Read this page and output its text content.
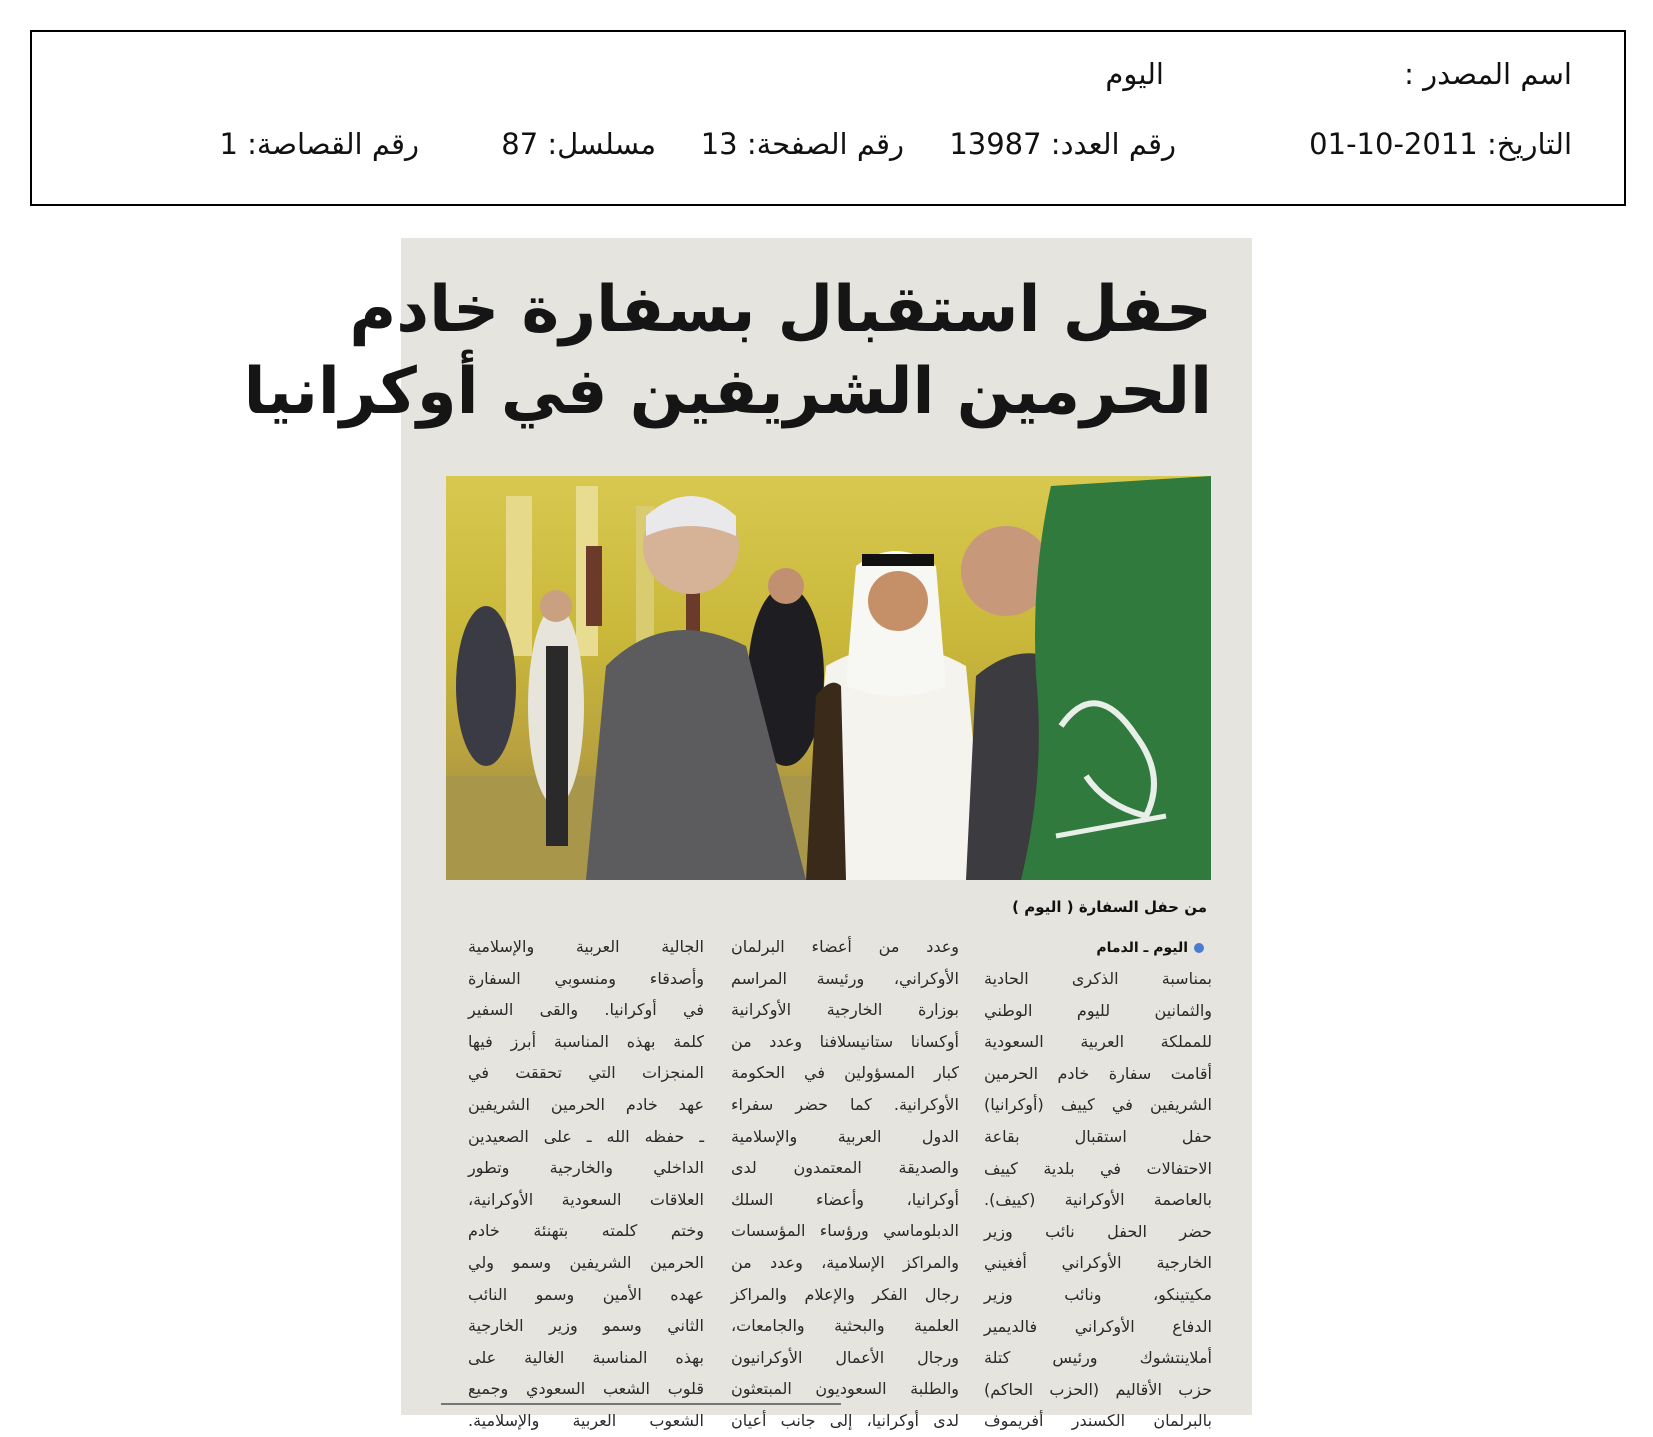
اسم المصدر :
اليوم
التاريخ: 2011-10-01
رقم العدد: 13987
رقم الصفحة: 13
مسلسل: 87
رقم القصاصة: 1
حفل استقبال بسفارة خادم
الحرمين الشريفين في أوكرانيا
من حفل السفارة ( اليوم )
اليوم ـ الدمام
بمناسبة الذكرى الحادية
والثمانين لليوم الوطني
للمملكة العربية السعودية
أقامت سفارة خادم الحرمين
الشريفين في كييف (أوكرانيا)
حفل استقبال بقاعة
الاحتفالات في بلدية كييف
بالعاصمة الأوكرانية (كييف).
حضر الحفل نائب وزير
الخارجية الأوكراني أفغيني
مكيتينكو، ونائب وزير
الدفاع الأوكراني فالديمير
أملاينتشوك ورئيس كتلة
حزب الأقاليم (الحزب الحاكم)
بالبرلمان الكسندر أفريموف
وعدد من أعضاء البرلمان
الأوكراني، ورئيسة المراسم
بوزارة الخارجية الأوكرانية
أوكسانا ستانيسلافنا وعدد من
كبار المسؤولين في الحكومة
الأوكرانية. كما حضر سفراء
الدول العربية والإسلامية
والصديقة المعتمدون لدى
أوكرانيا، وأعضاء السلك
الدبلوماسي ورؤساء المؤسسات
والمراكز الإسلامية، وعدد من
رجال الفكر والإعلام والمراكز
العلمية والبحثية والجامعات،
ورجال الأعمال الأوكرانيون
والطلبة السعوديون المبتعثون
لدى أوكرانيا، إلى جانب أعيان
الجالية العربية والإسلامية
وأصدقاء ومنسوبي السفارة
في أوكرانيا. والقى السفير
كلمة بهذه المناسبة أبرز فيها
المنجزات التي تحققت في
عهد خادم الحرمين الشريفين
ـ حفظه الله ـ على الصعيدين
الداخلي والخارجية وتطور
العلاقات السعودية الأوكرانية،
وختم كلمته بتهنئة خادم
الحرمين الشريفين وسمو ولي
عهده الأمين وسمو النائب
الثاني وسمو وزير الخارجية
بهذه المناسبة الغالية على
قلوب الشعب السعودي وجميع
الشعوب العربية والإسلامية.
